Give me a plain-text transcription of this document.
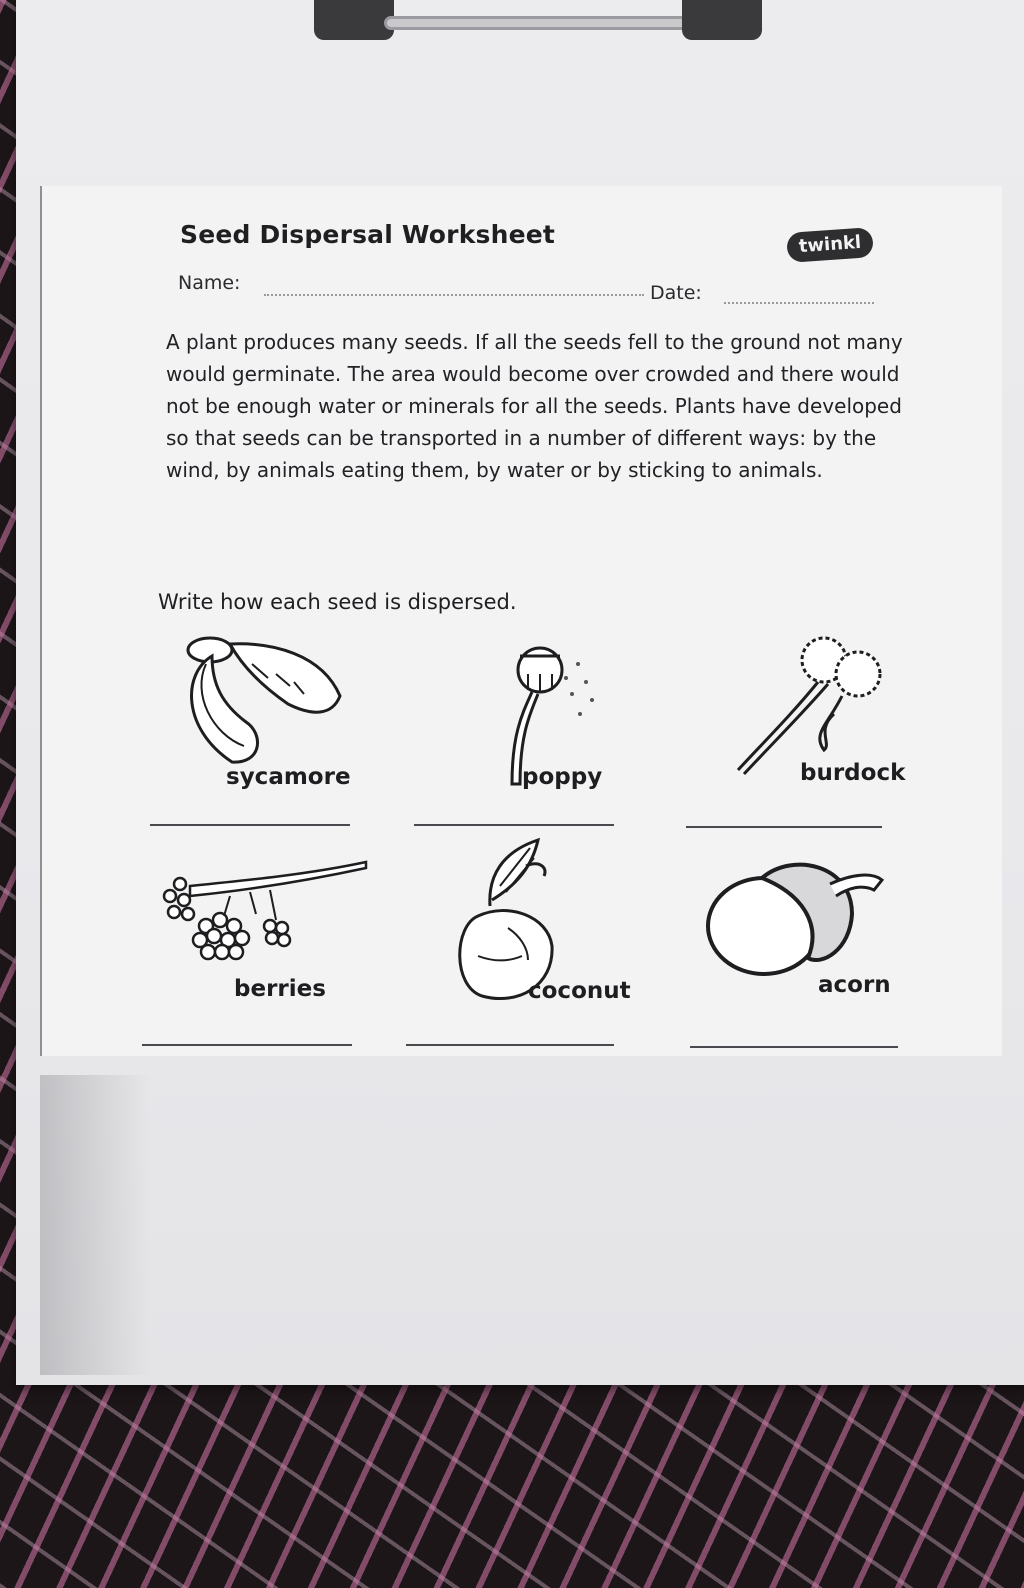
Seed Dispersal Worksheet	twinkl
Name:	Date:
A plant produces many seeds. If all the seeds fell to the ground not many would germinate. The area would become over crowded and there would not be enough water or minerals for all the seeds. Plants have developed so that seeds can be transported in a number of different ways: by the wind, by animals eating them, by water or by sticking to animals.
Write how each seed is dispersed.
sycamore	poppy	burdock
berries	coconut	acorn
